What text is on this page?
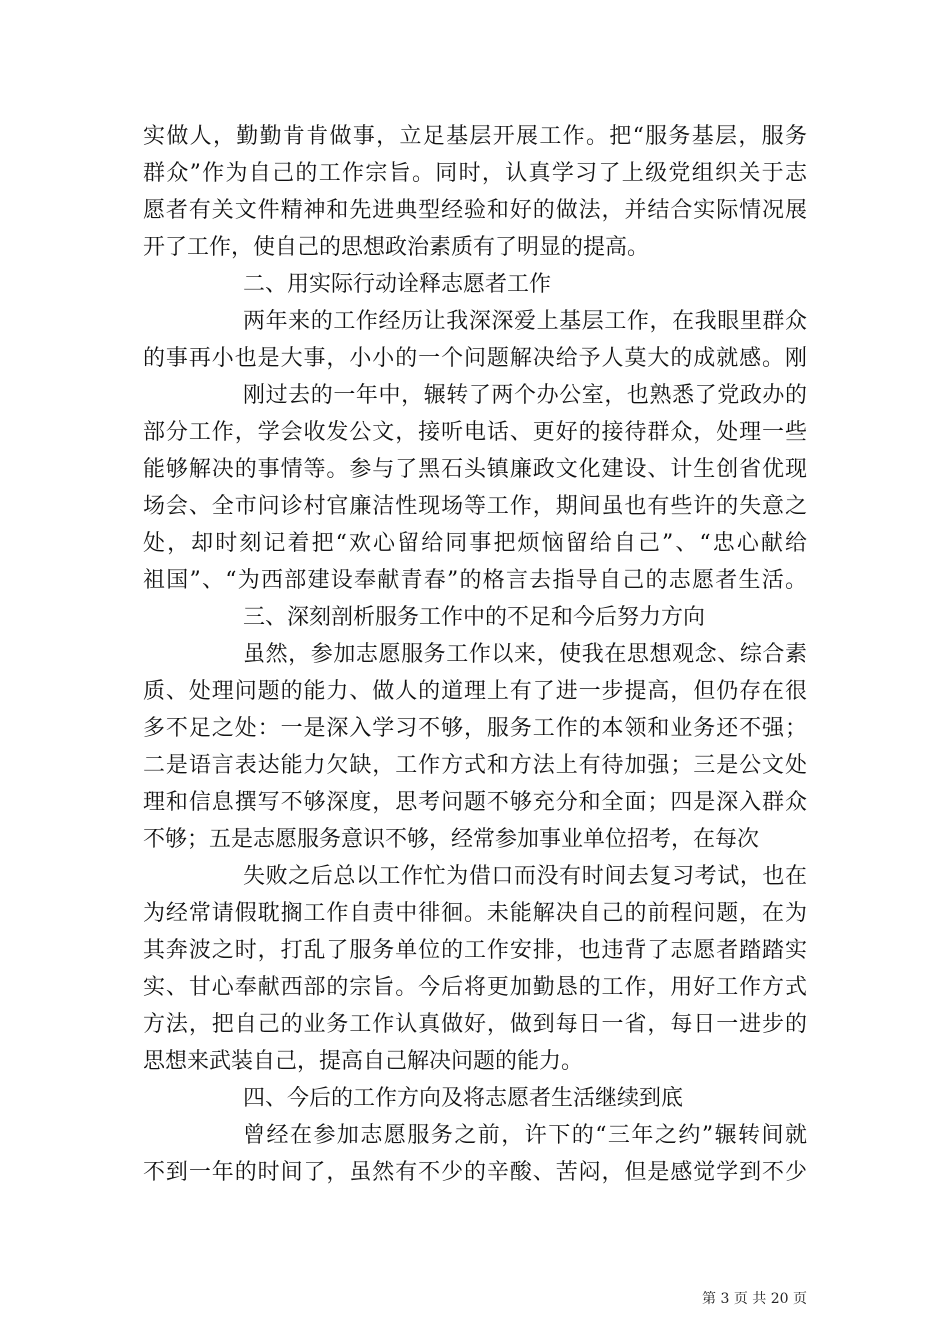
实做人，勤勤肯肯做事，立足基层开展工作。把“服务基层，服务
群众”作为自己的工作宗旨。同时，认真学习了上级党组织关于志
愿者有关文件精神和先进典型经验和好的做法，并结合实际情况展
开了工作，使自己的思想政治素质有了明显的提高。
二、用实际行动诠释志愿者工作
两年来的工作经历让我深深爱上基层工作，在我眼里群众
的事再小也是大事，小小的一个问题解决给予人莫大的成就感。刚
刚过去的一年中，辗转了两个办公室，也熟悉了党政办的
部分工作，学会收发公文，接听电话、更好的接待群众，处理一些
能够解决的事情等。参与了黑石头镇廉政文化建设、计生创省优现
场会、全市问诊村官廉洁性现场等工作，期间虽也有些许的失意之
处，却时刻记着把“欢心留给同事把烦恼留给自己”、“忠心献给
祖国”、“为西部建设奉献青春”的格言去指导自己的志愿者生活。
三、深刻剖析服务工作中的不足和今后努力方向
虽然，参加志愿服务工作以来，使我在思想观念、综合素
质、处理问题的能力、做人的道理上有了进一步提高，但仍存在很
多不足之处：一是深入学习不够，服务工作的本领和业务还不强；
二是语言表达能力欠缺，工作方式和方法上有待加强；三是公文处
理和信息撰写不够深度，思考问题不够充分和全面；四是深入群众
不够；五是志愿服务意识不够，经常参加事业单位招考，在每次
失败之后总以工作忙为借口而没有时间去复习考试，也在
为经常请假耽搁工作自责中徘徊。未能解决自己的前程问题，在为
其奔波之时，打乱了服务单位的工作安排，也违背了志愿者踏踏实
实、甘心奉献西部的宗旨。今后将更加勤恳的工作，用好工作方式
方法，把自己的业务工作认真做好，做到每日一省，每日一进步的
思想来武装自己，提高自己解决问题的能力。
四、今后的工作方向及将志愿者生活继续到底
曾经在参加志愿服务之前，许下的“三年之约”辗转间就
不到一年的时间了，虽然有不少的辛酸、苦闷，但是感觉学到不少
第 3 页 共 20 页
